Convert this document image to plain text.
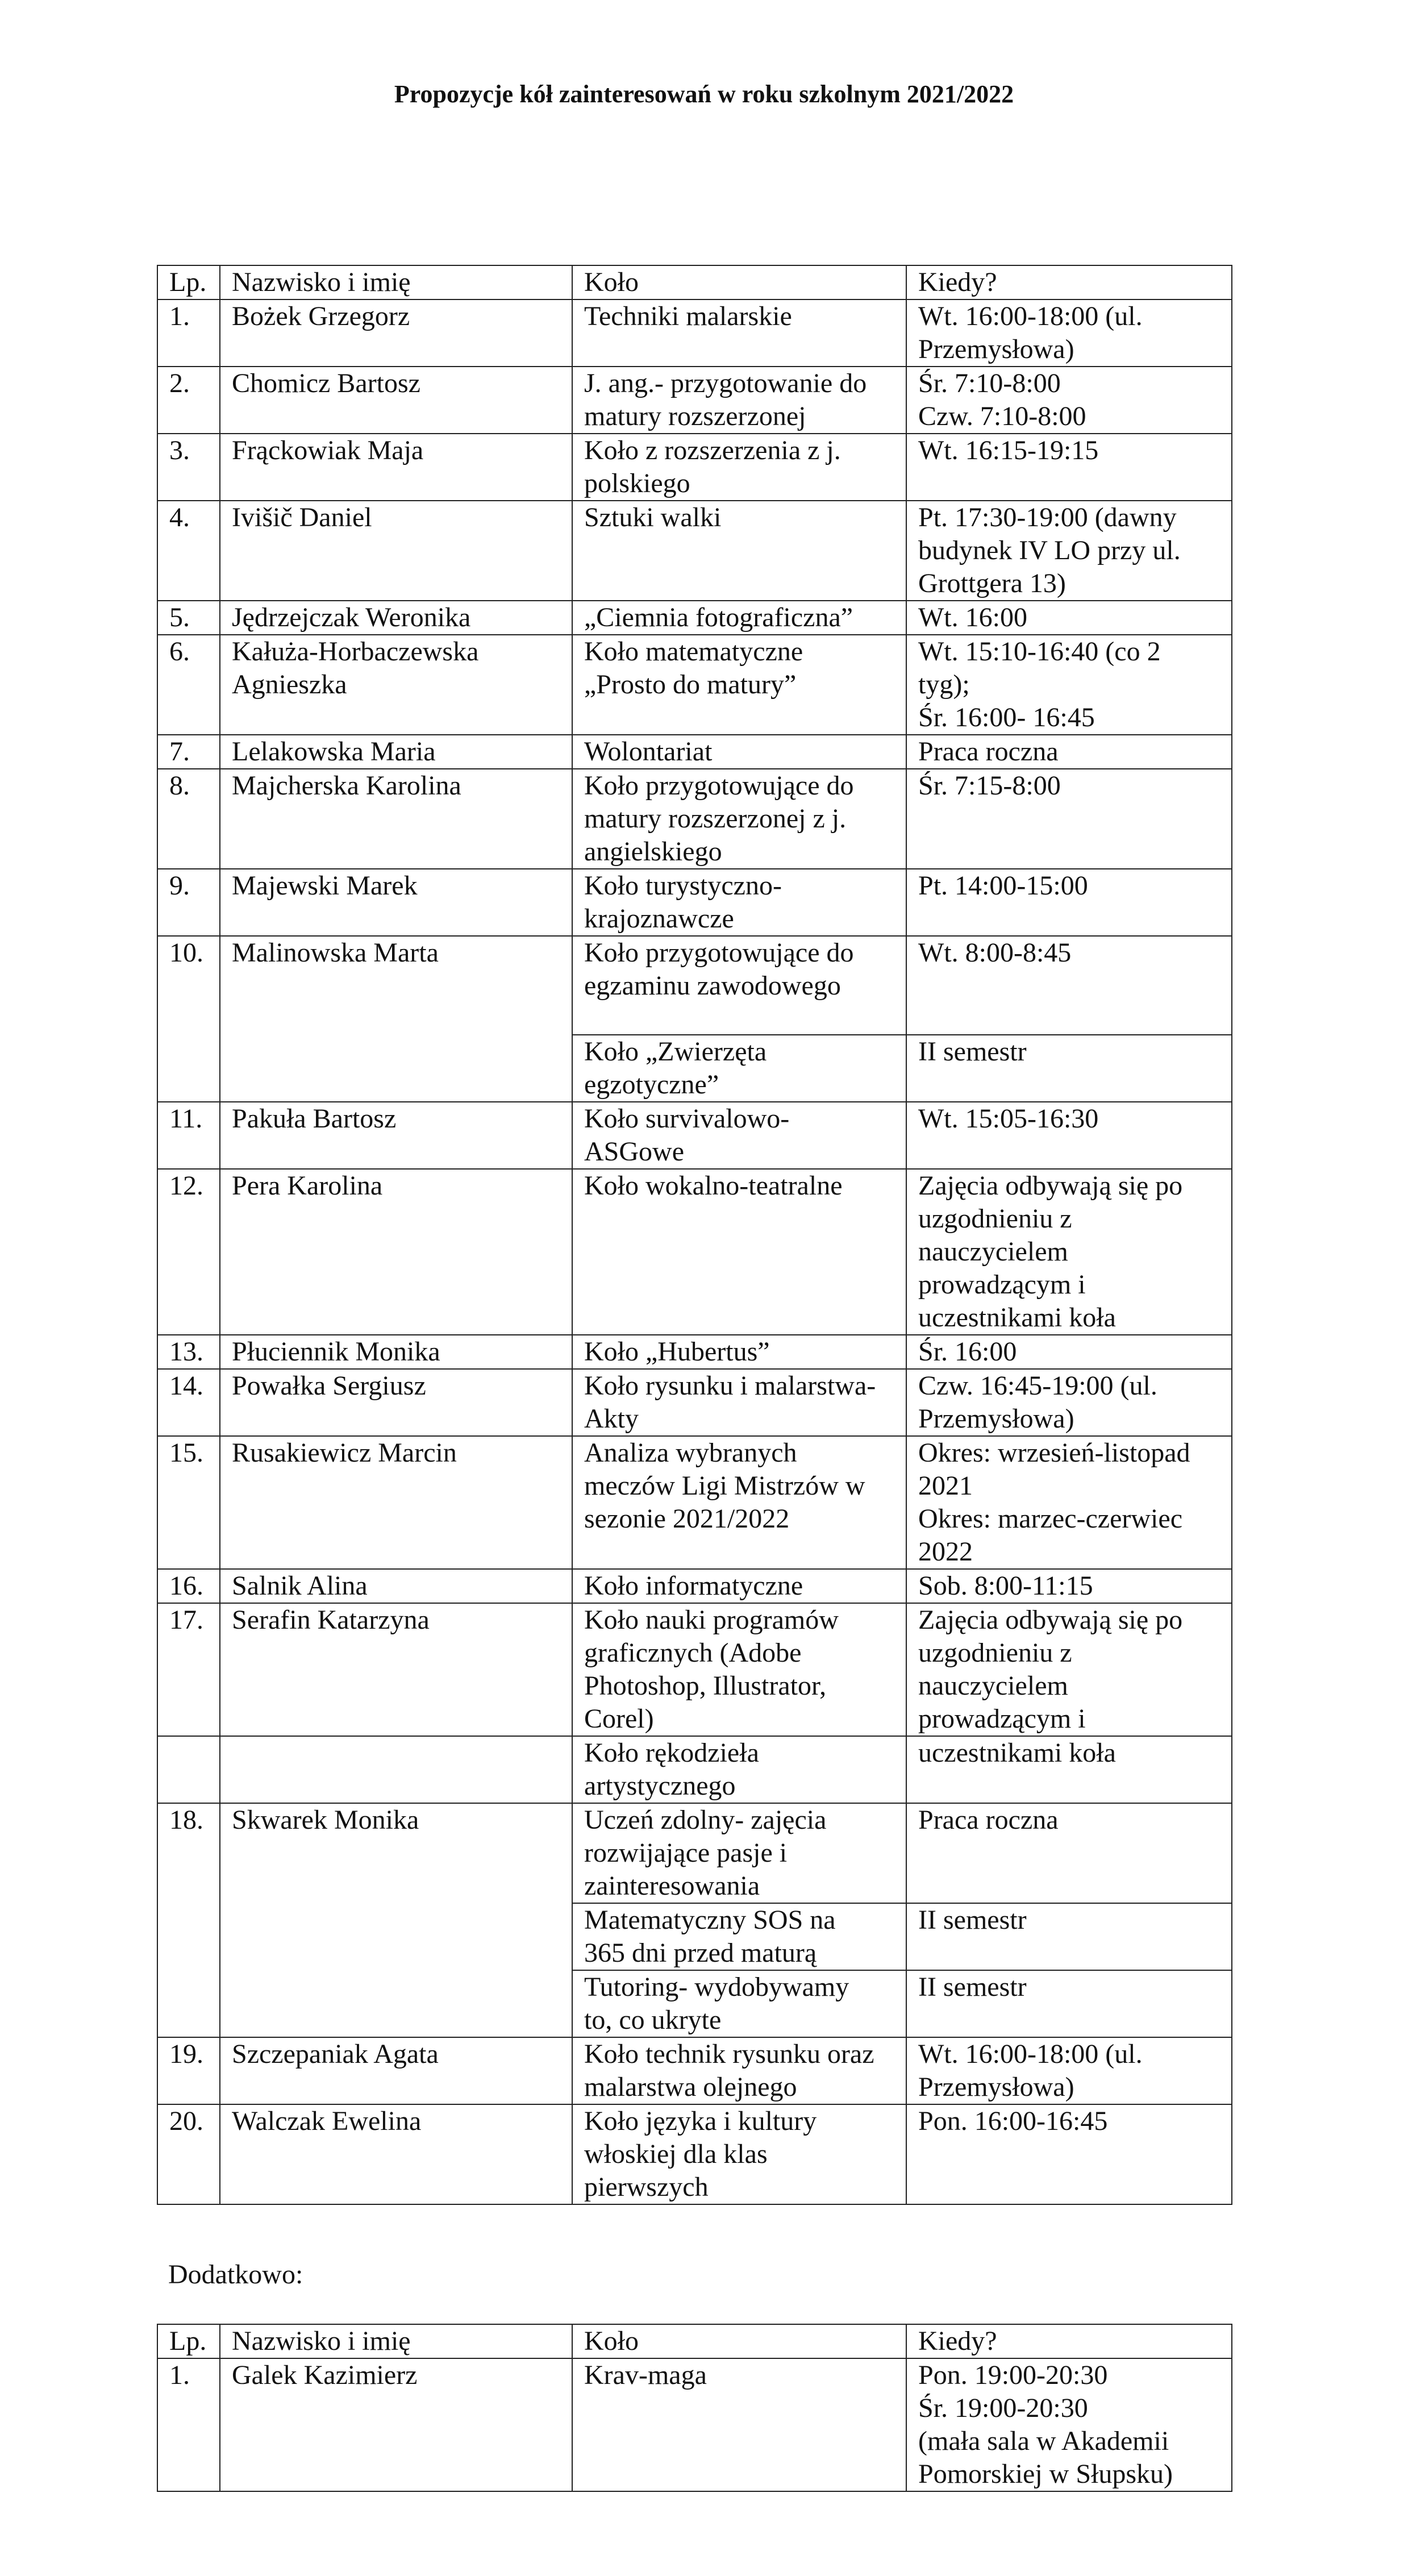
Propozycje kół zainteresowań w roku szkolnym 2021/2022
Lp.	Nazwisko i imię	Koło	Kiedy?
1.	Bożek Grzegorz	Techniki malarskie	Wt. 16:00-18:00 (ul.
Przemysłowa)
2.	Chomicz Bartosz	J. ang.- przygotowanie do
matury rozszerzonej	Śr. 7:10-8:00
Czw. 7:10-8:00
3.	Frąckowiak Maja	Koło z rozszerzenia z j.
polskiego	Wt. 16:15-19:15
4.	Ivišič Daniel	Sztuki walki	Pt. 17:30-19:00 (dawny
budynek IV LO przy ul.
Grottgera 13)
5.	Jędrzejczak Weronika	„Ciemnia fotograficzna”	Wt. 16:00
6.	Kałuża-Horbaczewska
Agnieszka	Koło matematyczne
„Prosto do matury”	Wt. 15:10-16:40 (co 2
tyg);
Śr. 16:00- 16:45
7.	Lelakowska Maria	Wolontariat	Praca roczna
8.	Majcherska Karolina	Koło przygotowujące do
matury rozszerzonej z j.
angielskiego	Śr. 7:15-8:00
9.	Majewski Marek	Koło turystyczno-
krajoznawcze	Pt. 14:00-15:00
10.	Malinowska Marta	Koło przygotowujące do
egzaminu zawodowego	Wt. 8:00-8:45
		Koło „Zwierzęta
egzotyczne”	II semestr
11.	Pakuła Bartosz	Koło survivalowo-
ASGowe	Wt. 15:05-16:30
12.	Pera Karolina	Koło wokalno-teatralne	Zajęcia odbywają się po
uzgodnieniu z
nauczycielem
prowadzącym i
uczestnikami koła
13.	Płuciennik Monika	Koło „Hubertus”	Śr. 16:00
14.	Powałka Sergiusz	Koło rysunku i malarstwa-
Akty	Czw. 16:45-19:00 (ul.
Przemysłowa)
15.	Rusakiewicz Marcin	Analiza wybranych
meczów Ligi Mistrzów w
sezonie 2021/2022	Okres: wrzesień-listopad
2021
Okres: marzec-czerwiec
2022
16.	Salnik Alina	Koło informatyczne	Sob. 8:00-11:15
17.	Serafin Katarzyna	Koło nauki programów
graficznych (Adobe
Photoshop, Illustrator,
Corel)	Zajęcia odbywają się po
uzgodnieniu z
nauczycielem
prowadzącym i
		Koło rękodzieła
artystycznego	uczestnikami koła
18.	Skwarek Monika	Uczeń zdolny- zajęcia
rozwijające pasje i
zainteresowania	Praca roczna
		Matematyczny SOS na
365 dni przed maturą	II semestr
		Tutoring- wydobywamy
to, co ukryte	II semestr
19.	Szczepaniak Agata	Koło technik rysunku oraz
malarstwa olejnego	Wt. 16:00-18:00 (ul.
Przemysłowa)
20.	Walczak Ewelina	Koło języka i kultury
włoskiej dla klas
pierwszych	Pon. 16:00-16:45
Dodatkowo:
Lp.	Nazwisko i imię	Koło	Kiedy?
1.	Galek Kazimierz	Krav-maga	Pon. 19:00-20:30
Śr. 19:00-20:30
(mała sala w Akademii
Pomorskiej w Słupsku)
